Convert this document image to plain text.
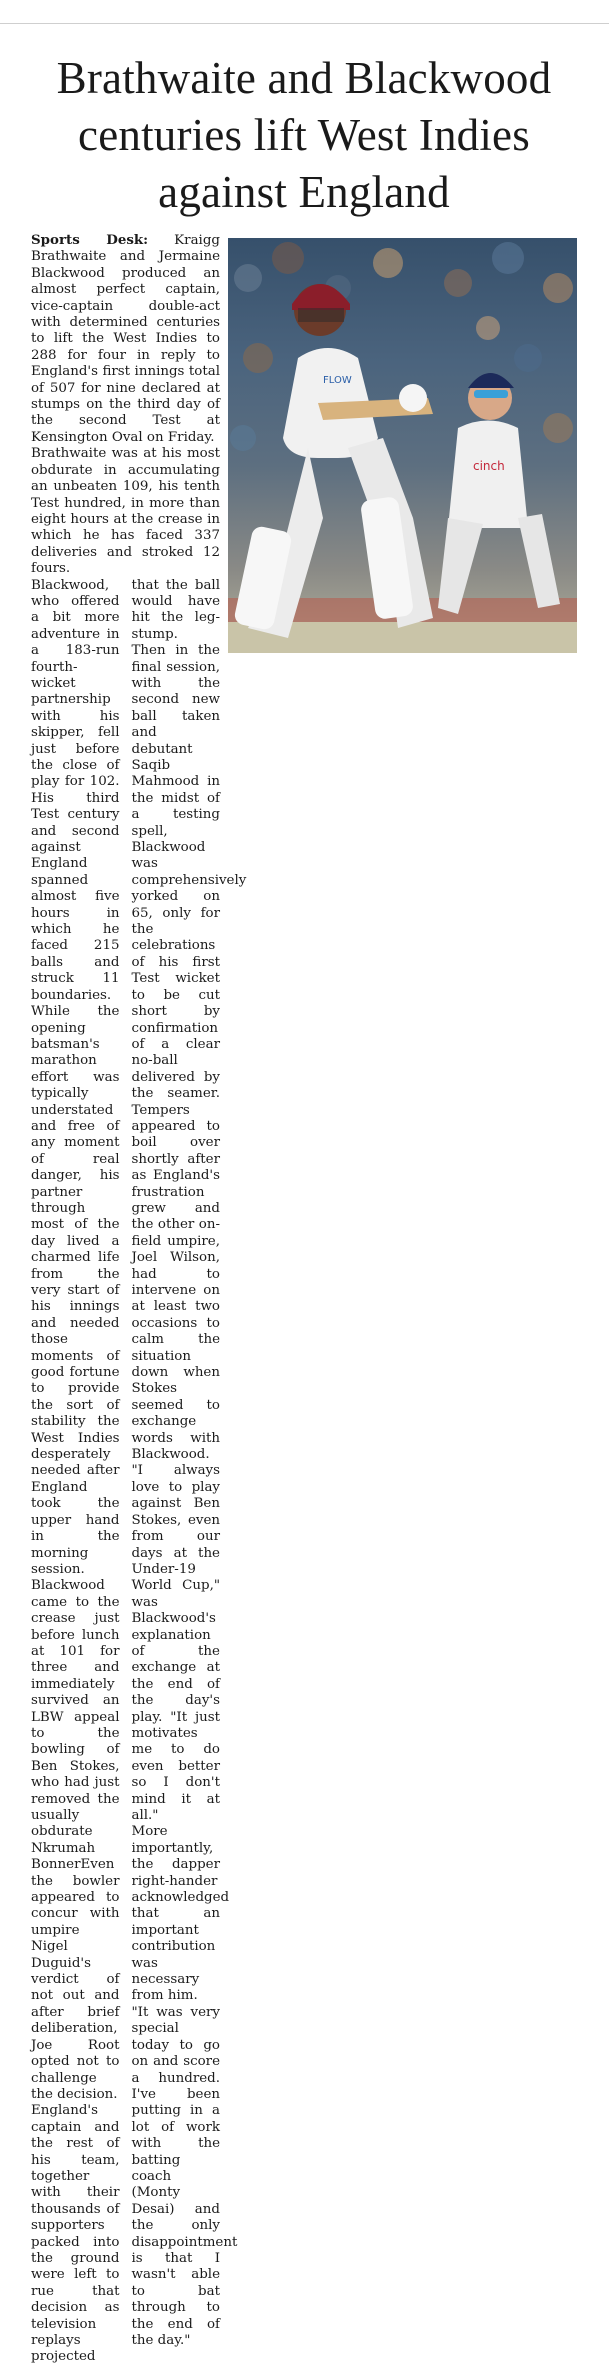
Brathwaite and Blackwood centuries lift West Indies against England
cinch
FLOW

Sports Desk: Kraigg Brathwaite and Jermaine Blackwood produced an almost perfect captain, vice-captain double-act with determined centuries to lift the West Indies to 288 for four in reply to England's first innings total of 507 for nine declared at stumps on the third day of the second Test at Kensington Oval on Friday.

Brathwaite was at his most obdurate in accumulating an unbeaten 109, his tenth Test hundred, in more than eight hours at the crease in which he has faced 337 deliveries and stroked 12 fours.

Blackwood, who offered a bit more adventure in a 183-run fourth-wicket partnership with his skipper, fell just before the close of play for 102. His third Test century and second against England spanned almost five hours in which he faced 215 balls and struck 11 boundaries. While the opening batsman's marathon effort was typically understated and free of any moment of real danger, his partner through most of the day lived a charmed life from the very start of his innings and needed those moments of good fortune to provide the sort of stability the West Indies desperately needed after England took the upper hand in the morning session. Blackwood came to the crease just before lunch at 101 for three and immediately survived an LBW appeal to the bowling of Ben Stokes, who had just removed the usually obdurate Nkrumah BonnerEven the bowler appeared to concur with umpire Nigel Duguid's verdict of not out and after brief deliberation, Joe Root opted not to challenge the decision.

England's captain and the rest of his team, together with their thousands of supporters packed into the ground were left to rue that decision as television replays projected that the ball would have hit the leg-stump.

Then in the final session, with the second new ball taken and debutant Saqib Mahmood in the midst of a testing spell, Blackwood was comprehensively yorked on 65, only for the celebrations of his first Test wicket to be cut short by confirmation of a clear no-ball delivered by the seamer. Tempers appeared to boil over shortly after as England's frustration grew and the other on-field umpire, Joel Wilson, had to intervene on at least two occasions to calm the situation down when Stokes seemed to exchange words with Blackwood.

"I always love to play against Ben Stokes, even from our days at the Under-19 World Cup," was Blackwood's explanation of the exchange at the end of the day's play. "It just motivates me to do even better so I don't mind it at all."

More importantly, the dapper right-hander acknowledged that an important contribution was necessary from him.

"It was very special today to go on and score a hundred. I've been putting in a lot of work with the batting coach (Monty Desai) and the only disappointment is that I wasn't able to bat through to the end of the day."
